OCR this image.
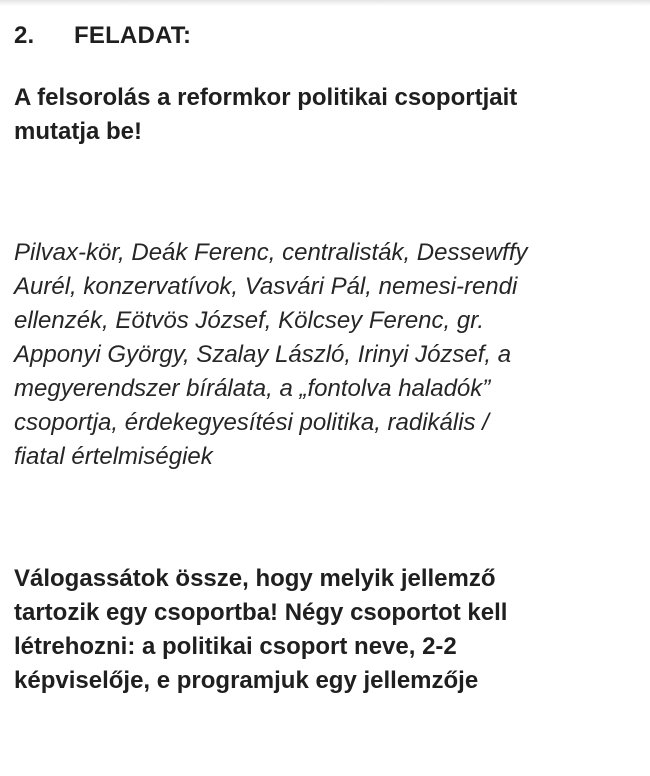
2. FELADAT:
A felsorolás a reformkor politikai csoportjait
mutatja be!
Pilvax-kör, Deák Ferenc, centralisták, Dessewffy
Aurél, konzervatívok, Vasvári Pál, nemesi-rendi
ellenzék, Eötvös József, Kölcsey Ferenc, gr.
Apponyi György, Szalay László, Irinyi József, a
megyerendszer bírálata, a „fontolva haladók”
csoportja, érdekegyesítési politika, radikális /
fiatal értelmiségiek
Válogassátok össze, hogy melyik jellemző
tartozik egy csoportba! Négy csoportot kell
létrehozni: a politikai csoport neve, 2-2
képviselője, e programjuk egy jellemzője
